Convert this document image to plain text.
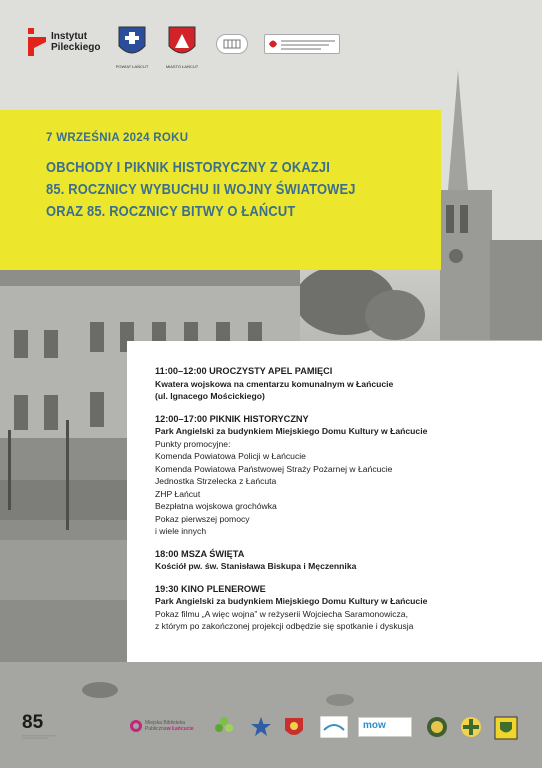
Instytut
Pileckiego
POWIAT ŁAŃCUT	MIASTO ŁAŃCUT
7 WRZEŚNIA 2024 ROKU
OBCHODY I PIKNIK HISTORYCZNY Z OKAZJI
85. ROCZNICY WYBUCHU II WOJNY ŚWIATOWEJ
ORAZ 85. ROCZNICY BITWY O ŁAŃCUT
11:00–12:00 UROCZYSTY APEL PAMIĘCI
Kwatera wojskowa na cmentarzu komunalnym w Łańcucie
(ul. Ignacego Mościckiego)
12:00–17:00 PIKNIK HISTORYCZNY
Park Angielski za budynkiem Miejskiego Domu Kultury w Łańcucie
Punkty promocyjne:
Komenda Powiatowa Policji w Łańcucie
Komenda Powiatowa Państwowej Straży Pożarnej w Łańcucie
Jednostka Strzelecka z Łańcuta
ZHP Łańcut
Bezpłatna wojskowa grochówka
Pokaz pierwszej pomocy
i wiele innych
18:00 MSZA ŚWIĘTA
Kościół pw. św. Stanisława Biskupa i Męczennika
19:30 KINO PLENEROWE
Park Angielski za budynkiem Miejskiego Domu Kultury w Łańcucie
Pokaz filmu „A więc wojna” w reżyserii Wojciecha Saramonowicza,
z którym po zakończonej projekcji odbędzie się spotkanie i dyskusja
85	Miejska Biblioteka
Publicznaw Łańcucie	mow
